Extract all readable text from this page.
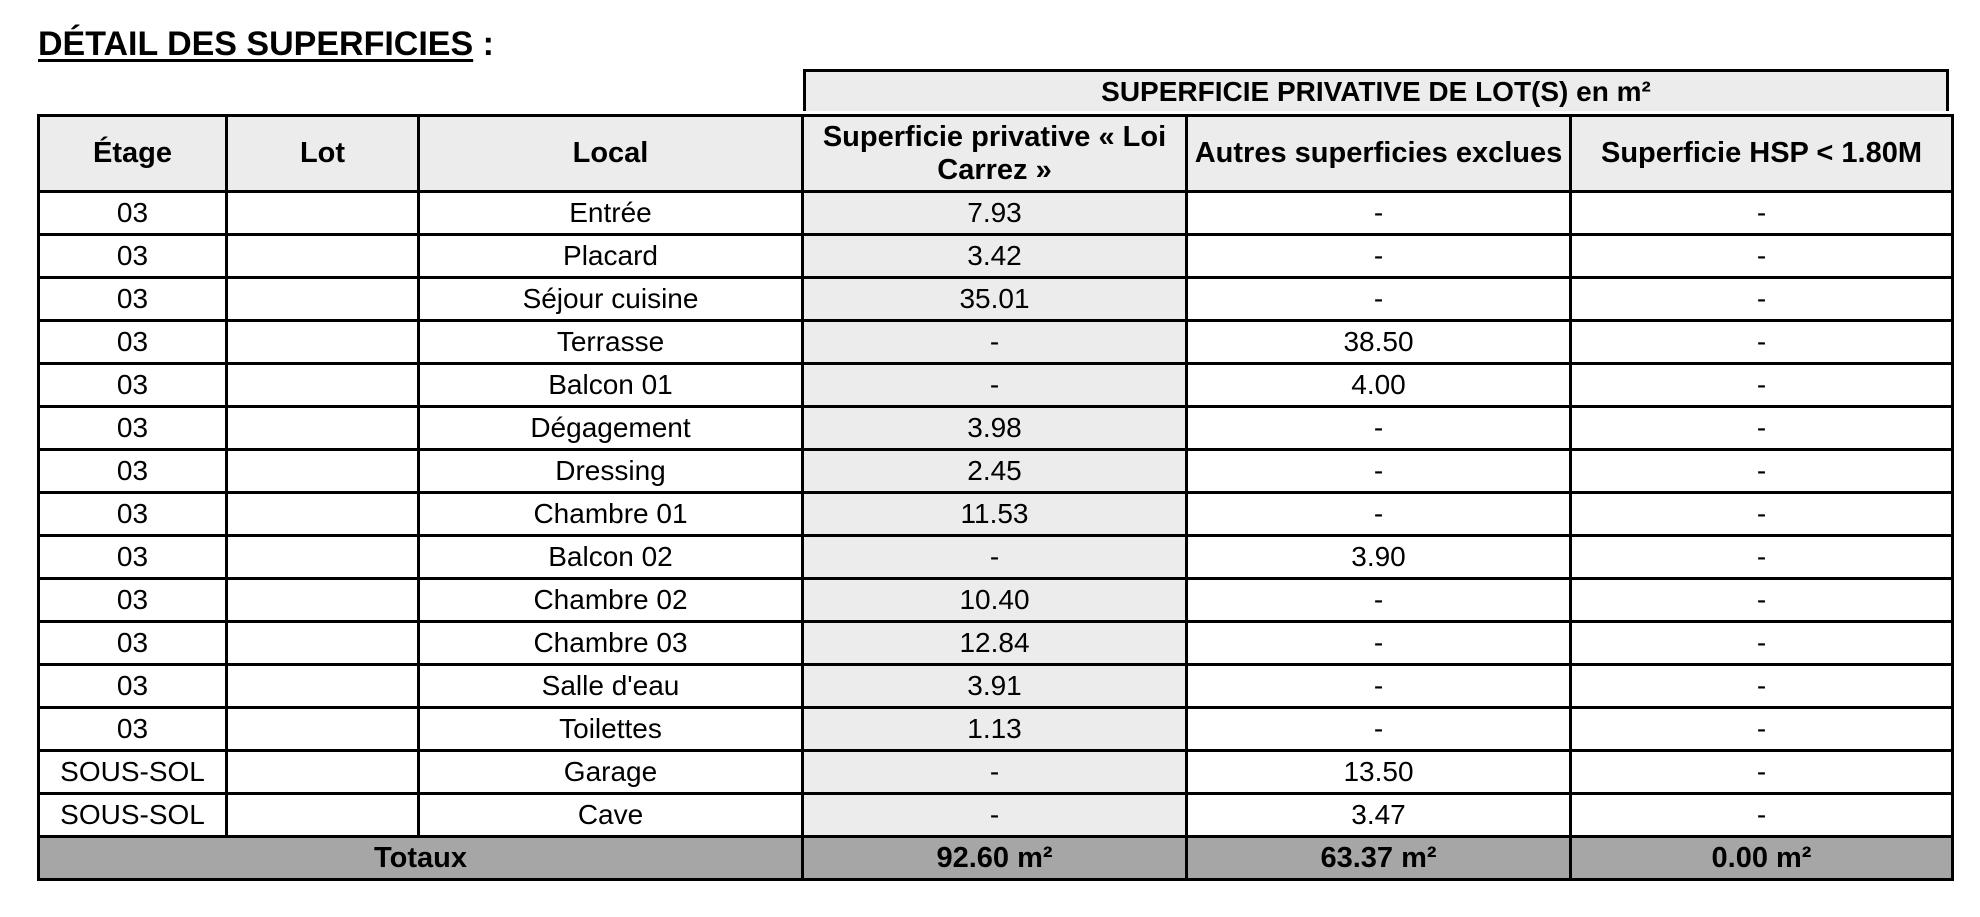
DÉTAIL DES SUPERFICIES :
SUPERFICIE PRIVATIVE DE LOT(S) en m²
Étage	Lot	Local	Superficie privative « Loi Carrez »	Autres superficies exclues	Superficie HSP < 1.80M
03		Entrée	7.93	-	-
03		Placard	3.42	-	-
03		Séjour cuisine	35.01	-	-
03		Terrasse	-	38.50	-
03		Balcon 01	-	4.00	-
03		Dégagement	3.98	-	-
03		Dressing	2.45	-	-
03		Chambre 01	11.53	-	-
03		Balcon 02	-	3.90	-
03		Chambre 02	10.40	-	-
03		Chambre 03	12.84	-	-
03		Salle d'eau	3.91	-	-
03		Toilettes	1.13	-	-
SOUS-SOL		Garage	-	13.50	-
SOUS-SOL		Cave	-	3.47	-
Totaux			92.60 m²	63.37 m²	0.00 m²
